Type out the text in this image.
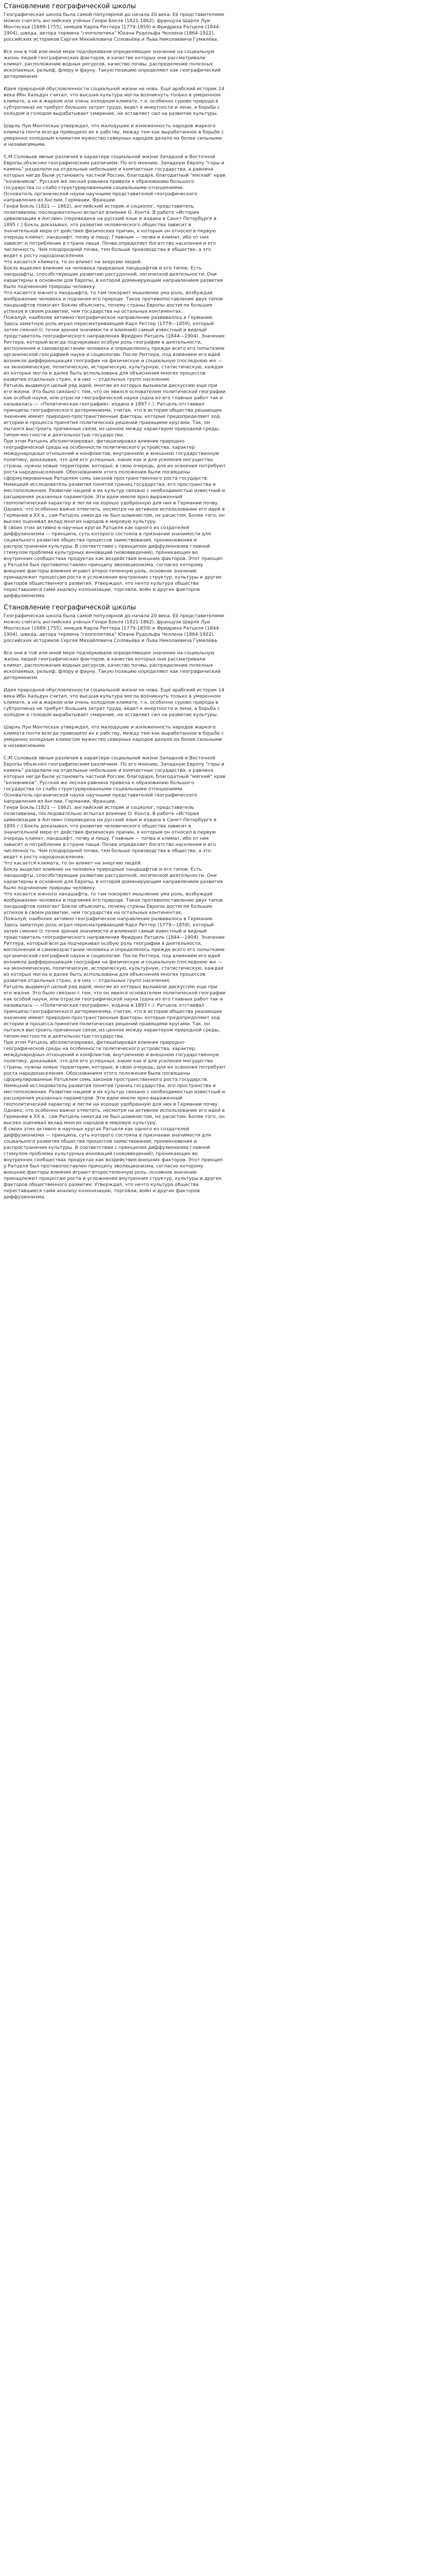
Становление географической школы

Географическая школа была самой популярной до начала 20 века. Её представителями можно считать английских учёных Генри Бокля (1821-1862), француза Шарля Луи Монтескье (1689-1755), немцев Карла Риттера (1779-1859) и Фридриха Ратцеля (1844-1904), шведа, автора термина "геополитика" Юхана Рудольфа Челлена (1864-1922), российских историков Сергея Михайловича Соловьёва и Льва Николаевича Гумилёва.

Все они в той или иной мере подчёркивали определяющее значение на социальную жизнь людей географических факторов, в качестве которых они рассматривали климат, расположение водных ресурсов, качество почвы, распределение полезных ископаемых, рельеф, флору и фауну. Такую позицию определяют как географический детерминизм.

Идея природной обусловленности социальной жизни не нова. Ещё арабский историк 14 века Ибн Хальдун считал, что высшая культура могла возникнуть только в умеренном климате, а не в жарком или очень холодном климате, т.к. особенно сурово природа в субтропиках не требует больших затрат труда, ведет к инертности и лени, а борьба с холодом и голодом вырабатывает смирение, не оставляет сил на развитие культуры.

Шарль Луи Монтескье утверждал, что малодушие и изнеженность народов жаркого климата почти всегда приводило их к рабству, между тем как выработанное в борьбе с умеренно холодным климатом мужество северных народов делало их более сильными и независимыми.

С.М.Соловьев явные различия в характере социальной жизни Западной и Восточной Европы объяснял географическим различием. По его мнению, Западную Европу "горы и камень" разделили на отдельные небольшие и компактные государства, а равнина которых нигде были установить частной России, благодаря, благодатный "мягкий" нрав "кочевников". Русская же лесная равнина привела к образованию большого государства со слабо структурированными социальными отношениями.
Основатель органической науки научными представителей географического направления из Англии, Германии, Франции.
Генри Бокль (1821 — 1862), английский историк и социолог, представитель позитивизма, последовательно испытал влияние О. Конта. В работе «История цивилизации в Англии» (переведена на русский язык и издана в Санкт-Петербурге в 1895 г.) Бокль доказывал, что развитие человеческого общества зависит в значительной мере от действия физических причин, к которым он относил в первую очередь климат, ландшафт, почву и пищу. Главным — почва и климат, ибо от них зависит и потребление в стране пищи. Почва определяет богатство населения и его численность. Чем плодородней почва, тем больше производства в обществе, а это ведет к росту народонаселения.
Что касается климата, то он влияет на энергию людей.
Бокль выделил влияние на человека природных ландшафтов и его типов. Есть ландшафты, способствующие развитию рассудочной, логической деятельности. Они характерны в основном для Европы, в которой доминирующим направлением развития было подчинение природы человеку.
Что касается южного ландшафта, то там покоряет мышление ума роль, возбуждая воображение человека и подчиняя его природе. Такое противопоставление двух типов ландшафтов помогает Боклю объяснить, почему страны Европы достигли больших успехов в своем развитии, чем государства на остальных континентах.
Пожалуй, наиболее активно географическое направление развивалось в Германии. Здесь заметную роль играл пересматривающий Карл Риттер (1779—1859), который затем сменил (с точки зрения значимости и влияния) самый известный и видный представитель географического направления Фридрих Ратцель (1844—1904). Значение Риттера, который всегда подчеркивал особую роль географии в деятельности, восполнения и самовозрастании человека и определялось прежде всего его попытками органической географией науки и социологии. После Риттера, под влиянием его идей возникла дифференциация географии на физическую и социальную (последнюю же — на экономическую, политическую, историческую, культурную, статистическую, каждая из которых могла и далее быть использована для объяснения многих процессов развития отдельных стран, а в них — отдельных групп населения.
Ратцель выдвинул целый ряд идей, многие из которых вызывали дискуссию еще при его жизни. Это было связано с тем, что он явился основателем политической географии как особой науки, или отрасли географической науки (одна из его главных работ так и называлась — «Политическая география», издана в 1897 г.). Ратцель отстаивал принципы географического детерминизма, считая, что в истории общества решающее значение имеют природно-пространственные факторы, которые предопределяют ход истории и процесса принятия политических решений правящими кругами. Так, он пытался выстроить причинные связи, из ценное между характером природной среды, типом местности и деятельностью государства.
При этом Ратцель абсолютизировал, фетишизировал влияние природно-географической среды на особенности политического устройства, характер международных отношений и конфликтов, внутреннюю и внешнюю государственную политику, доказывая, что для его успешных, каких как и для усиления могущества страны, нужны новые территории, которые, в свою очередь, для их освоения потребуют роста народонаселения. Обоснованием этого положения были посвящены сформулированные Ратцелем семь законов пространственного роста государств.
Немецкий исследователь развития понятия границ государства, его пространства и местоположения. Развитие нацией и их культур связано с необходимостью известный и расширения указанных параметров. Эти идеи имели ярко выраженный геополитический характер и легли на хорошо удобренную для них в Германии почву. Однако, что особенно важно отметить, несмотря на активное использование его идей в Германии в XX в., сам Ратцель никогда не был шовинистом, не расистом. Более того, он высоко оценивал вклад многих народов в мировую культуру.
В своих этих активно в научных кругах Ратцеля как одного из создателей диффузионизма — принципа, суть которого состояла в признании значимости для социального развития общества процессов заимствования, проникновения и распространения культуры. В соответствии с принципом диффузионизма главной стимулом проблема культурных инноваций (нововведений), проникающих во внутренних сообществах продуктах как воздействия внешних факторов. Этот принцип у Ратцеля был противопоставлен принципу эволюционизма, согласно которому внешние факторы влияния играют второстепенную роль, основное значение принадлежит процессам роста и усложнения внутренних структур, культуры и других факторов общественного развития. Утверждал, что нечто культура общества переставшиеся сами анализу колонизации, торговли, войн и других факторов диффузионизма.

Становление географической школы

Географическая школа была самой популярной до начала 20 века. Её представителями можно считать английских учёных Генри Бокля (1821-1862), француза Шарля Луи Монтескье (1689-1755), немцев Карла Риттера (1779-1859) и Фридриха Ратцеля (1844-1904), шведа, автора термина "геополитика" Юхана Рудольфа Челлена (1864-1922), российских историков Сергея Михайловича Соловьёва и Льва Николаевича Гумилёва.

Все они в той или иной мере подчёркивали определяющее значение на социальную жизнь людей географических факторов, в качестве которых они рассматривали климат, расположение водных ресурсов, качество почвы, распределение полезных ископаемых, рельеф, флору и фауну. Такую позицию определяют как географический детерминизм.

Идея природной обусловленности социальной жизни не нова. Ещё арабский историк 14 века Ибн Хальдун считал, что высшая культура могла возникнуть только в умеренном климате, а не в жарком или очень холодном климате, т.к. особенно сурово природа в субтропиках не требует больших затрат труда, ведет к инертности и лени, а борьба с холодом и голодом вырабатывает смирение, не оставляет сил на развитие культуры.

Шарль Луи Монтескье утверждал, что малодушие и изнеженность народов жаркого климата почти всегда приводило их к рабству, между тем как выработанное в борьбе с умеренно холодным климатом мужество северных народов делало их более сильными и независимыми.

С.М.Соловьев явные различия в характере социальной жизни Западной и Восточной Европы объяснял географическим различием. По его мнению, Западную Европу "горы и камень" разделили на отдельные небольшие и компактные государства, а равнина которых нигде были установить частной России, благодаря, благодатный "мягкий" нрав "кочевников". Русская же лесная равнина привела к образованию большого государства со слабо структурированными социальными отношениями.
Основатель органической науки научными представителей географического направления из Англии, Германии, Франции.
Генри Бокль (1821 — 1862), английский историк и социолог, представитель позитивизма, последовательно испытал влияние О. Конта. В работе «История цивилизации в Англии» (переведена на русский язык и издана в Санкт-Петербурге в 1895 г.) Бокль доказывал, что развитие человеческого общества зависит в значительной мере от действия физических причин, к которым он относил в первую очередь климат, ландшафт, почву и пищу. Главным — почва и климат, ибо от них зависит и потребление в стране пищи. Почва определяет богатство населения и его численность. Чем плодородней почва, тем больше производства в обществе, а это ведет к росту народонаселения.
Что касается климата, то он влияет на энергию людей.
Бокль выделил влияние на человека природных ландшафтов и его типов. Есть ландшафты, способствующие развитию рассудочной, логической деятельности. Они характерны в основном для Европы, в которой доминирующим направлением развития было подчинение природы человеку.
Что касается южного ландшафта, то там покоряет мышление ума роль, возбуждая воображение человека и подчиняя его природе. Такое противопоставление двух типов ландшафтов помогает Боклю объяснить, почему страны Европы достигли больших успехов в своем развитии, чем государства на остальных континентах.
Пожалуй, наиболее активно географическое направление развивалось в Германии. Здесь заметную роль играл пересматривающий Карл Риттер (1779—1859), который затем сменил (с точки зрения значимости и влияния) самый известный и видный представитель географического направления Фридрих Ратцель (1844—1904). Значение Риттера, который всегда подчеркивал особую роль географии в деятельности, восполнения и самовозрастании человека и определялось прежде всего его попытками органической географией науки и социологии. После Риттера, под влиянием его идей возникла дифференциация географии на физическую и социальную (последнюю же — на экономическую, политическую, историческую, культурную, статистическую, каждая из которых могла и далее быть использована для объяснения многих процессов развития отдельных стран, а в них — отдельных групп населения.
Ратцель выдвинул целый ряд идей, многие из которых вызывали дискуссию еще при его жизни. Это было связано с тем, что он явился основателем политической географии как особой науки, или отрасли географической науки (одна из его главных работ так и называлась — «Политическая география», издана в 1897 г.). Ратцель отстаивал принципы географического детерминизма, считая, что в истории общества решающее значение имеют природно-пространственные факторы, которые предопределяют ход истории и процесса принятия политических решений правящими кругами. Так, он пытался выстроить причинные связи, из ценное между характером природной среды, типом местности и деятельностью государства.
При этом Ратцель абсолютизировал, фетишизировал влияние природно-географической среды на особенности политического устройства, характер международных отношений и конфликтов, внутреннюю и внешнюю государственную политику, доказывая, что для его успешных, каких как и для усиления могущества страны, нужны новые территории, которые, в свою очередь, для их освоения потребуют роста народонаселения. Обоснованием этого положения были посвящены сформулированные Ратцелем семь законов пространственного роста государств.
Немецкий исследователь развития понятия границ государства, его пространства и местоположения. Развитие нацией и их культур связано с необходимостью известный и расширения указанных параметров. Эти идеи имели ярко выраженный геополитический характер и легли на хорошо удобренную для них в Германии почву. Однако, что особенно важно отметить, несмотря на активное использование его идей в Германии в XX в., сам Ратцель никогда не был шовинистом, не расистом. Более того, он высоко оценивал вклад многих народов в мировую культуру.
В своих этих активно в научных кругах Ратцеля как одного из создателей диффузионизма — принципа, суть которого состояла в признании значимости для социального развития общества процессов заимствования, проникновения и распространения культуры. В соответствии с принципом диффузионизма главной стимулом проблема культурных инноваций (нововведений), проникающих во внутренних сообществах продуктах как воздействия внешних факторов. Этот принцип у Ратцеля был противопоставлен принципу эволюционизма, согласно которому внешние факторы влияния играют второстепенную роль, основное значение принадлежит процессам роста и усложнения внутренних структур, культуры и других факторов общественного развития. Утверждал, что нечто культура общества переставшиеся сами анализу колонизации, торговли, войн и других факторов диффузионизма.
